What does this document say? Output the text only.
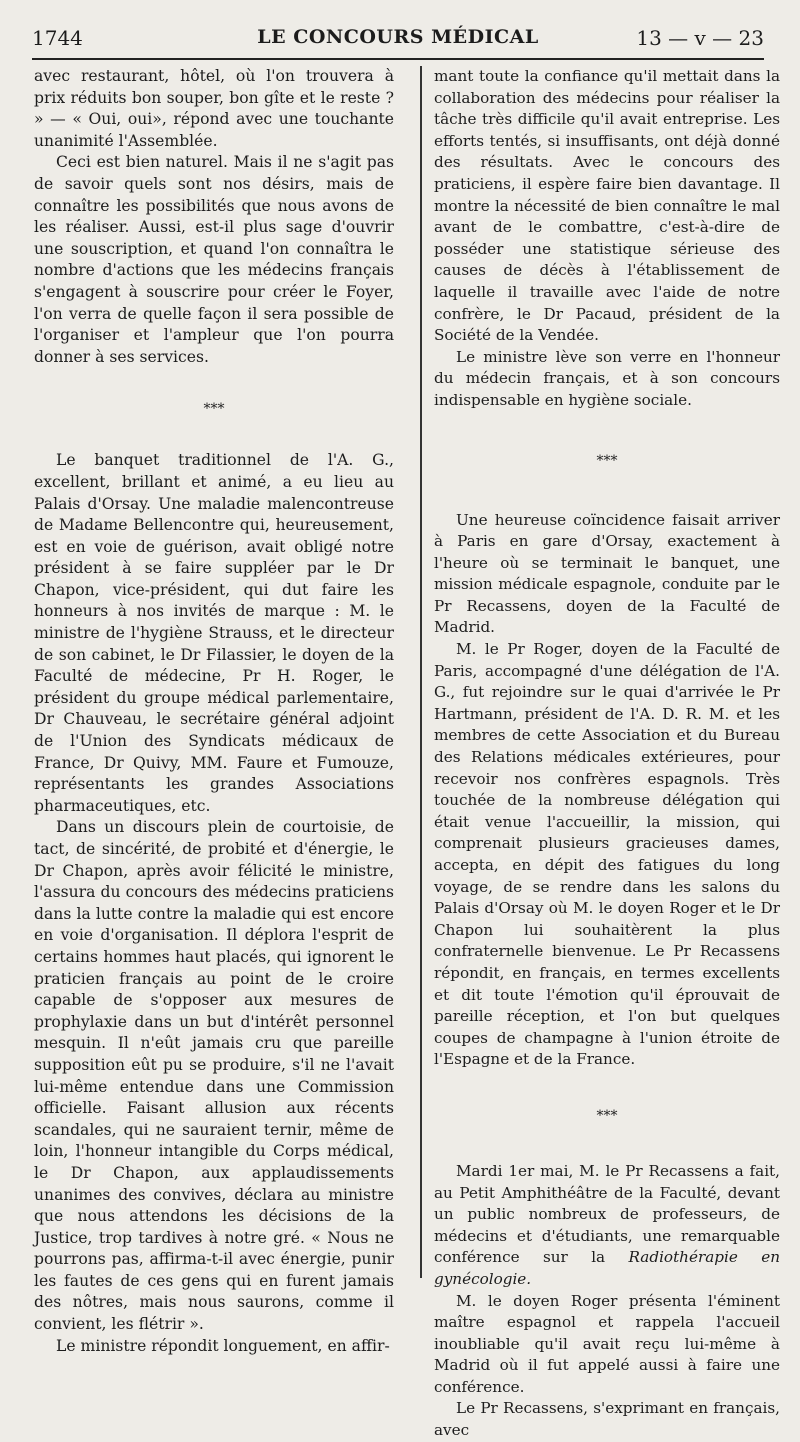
1744	LE CONCOURS MÉDICAL	13 — v — 23

avec restaurant, hôtel, où l'on trouvera à prix réduits bon souper, bon gîte et le reste ? » — « Oui, oui», répond avec une touchante unanimité l'Assemblée.

Ceci est bien naturel. Mais il ne s'agit pas de savoir quels sont nos désirs, mais de connaître les possibilités que nous avons de les réaliser. Aussi, est-il plus sage d'ouvrir une souscription, et quand l'on connaîtra le nombre d'actions que les médecins français s'engagent à souscrire pour créer le Foyer, l'on verra de quelle façon il sera possible de l'organiser et l'ampleur que l'on pourra donner à ses services.

***

Le banquet traditionnel de l'A. G., excellent, brillant et animé, a eu lieu au Palais d'Orsay. Une maladie malencontreuse de Madame Bellencontre qui, heureusement, est en voie de guérison, avait obligé notre président à se faire suppléer par le Dr Chapon, vice-président, qui dut faire les honneurs à nos invités de marque : M. le ministre de l'hygiène Strauss, et le directeur de son cabinet, le Dr Filassier, le doyen de la Faculté de médecine, Pr H. Roger, le président du groupe médical parlementaire, Dr Chauveau, le secrétaire général adjoint de l'Union des Syndicats médicaux de France, Dr Quivy, MM. Faure et Fumouze, représentants les grandes Associations pharmaceutiques, etc.

Dans un discours plein de courtoisie, de tact, de sincérité, de probité et d'énergie, le Dr Chapon, après avoir félicité le ministre, l'assura du concours des médecins praticiens dans la lutte contre la maladie qui est encore en voie d'organisation. Il déplora l'esprit de certains hommes haut placés, qui ignorent le praticien français au point de le croire capable de s'opposer aux mesures de prophylaxie dans un but d'intérêt personnel mesquin. Il n'eût jamais cru que pareille supposition eût pu se produire, s'il ne l'avait lui-même entendue dans une Commission officielle. Faisant allusion aux récents scandales, qui ne sauraient ternir, même de loin, l'honneur intangible du Corps médical, le Dr Chapon, aux applaudissements unanimes des convives, déclara au ministre que nous attendons les décisions de la Justice, trop tardives à notre gré. « Nous ne pourrons pas, affirma-t-il avec énergie, punir les fautes de ces gens qui en furent jamais des nôtres, mais nous saurons, comme il convient, les flétrir ».

Le ministre répondit longuement, en affir-

mant toute la confiance qu'il mettait dans la collaboration des médecins pour réaliser la tâche très difficile qu'il avait entreprise. Les efforts tentés, si insuffisants, ont déjà donné des résultats. Avec le concours des praticiens, il espère faire bien davantage. Il montre la nécessité de bien connaître le mal avant de le combattre, c'est-à-dire de posséder une statistique sérieuse des causes de décès à l'établissement de laquelle il travaille avec l'aide de notre confrère, le Dr Pacaud, président de la Société de la Vendée.

Le ministre lève son verre en l'honneur du médecin français, et à son concours indispensable en hygiène sociale.

***

Une heureuse coïncidence faisait arriver à Paris en gare d'Orsay, exactement à l'heure où se terminait le banquet, une mission médicale espagnole, conduite par le Pr Recassens, doyen de la Faculté de Madrid.

M. le Pr Roger, doyen de la Faculté de Paris, accompagné d'une délégation de l'A. G., fut rejoindre sur le quai d'arrivée le Pr Hartmann, président de l'A. D. R. M. et les membres de cette Association et du Bureau des Relations médicales extérieures, pour recevoir nos confrères espagnols. Très touchée de la nombreuse délégation qui était venue l'accueillir, la mission, qui comprenait plusieurs gracieuses dames, accepta, en dépit des fatigues du long voyage, de se rendre dans les salons du Palais d'Orsay où M. le doyen Roger et le Dr Chapon lui souhaitèrent la plus confraternelle bienvenue. Le Pr Recassens répondit, en français, en termes excellents et dit toute l'émotion qu'il éprouvait de pareille réception, et l'on but quelques coupes de champagne à l'union étroite de l'Espagne et de la France.

***

Mardi 1er mai, M. le Pr Recassens a fait, au Petit Amphithéâtre de la Faculté, devant un public nombreux de professeurs, de médecins et d'étudiants, une remarquable conférence sur la Radiothérapie en gynécologie.

M. le doyen Roger présenta l'éminent maître espagnol et rappela l'accueil inoubliable qu'il avait reçu lui-même à Madrid où il fut appelé aussi à faire une conférence.

Le Pr Recassens, s'exprimant en français, avec
